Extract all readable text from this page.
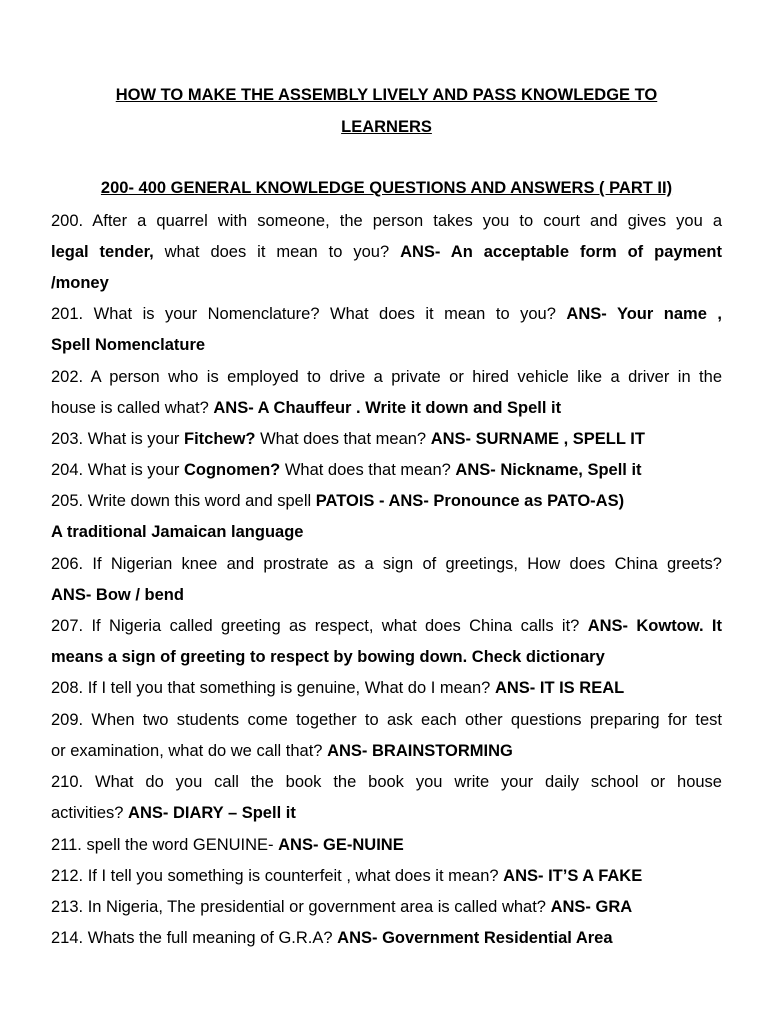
HOW TO MAKE THE ASSEMBLY LIVELY AND PASS KNOWLEDGE TO
LEARNERS
200- 400 GENERAL KNOWLEDGE QUESTIONS AND ANSWERS ( PART II)
200. After a quarrel with someone, the person takes you to court and gives you a
legal tender, what does it mean to you? ANS- An acceptable form of payment
/money
201. What is your Nomenclature? What does it mean to you? ANS- Your name ,
Spell Nomenclature
202. A person who is employed to drive a private or hired vehicle like a driver in the
house is called what? ANS- A Chauffeur . Write it down and Spell it
203. What is your Fitchew? What does that mean? ANS- SURNAME , SPELL IT
204. What is your Cognomen? What does that mean? ANS- Nickname, Spell it
205. Write down this word and spell PATOIS - ANS- Pronounce as PATO-AS)
A traditional Jamaican language
206. If Nigerian knee and prostrate as a sign of greetings, How does China greets?
ANS- Bow / bend
207. If Nigeria called greeting as respect, what does China calls it? ANS- Kowtow. It
means a sign of greeting to respect by bowing down. Check dictionary
208. If I tell you that something is genuine, What do I mean? ANS- IT IS REAL
209. When two students come together to ask each other questions preparing for test
or examination, what do we call that? ANS- BRAINSTORMING
210. What do you call the book the book you write your daily school or house
activities? ANS- DIARY – Spell it
211. spell the word GENUINE- ANS- GE-NUINE
212. If I tell you something is counterfeit , what does it mean? ANS- IT’S A FAKE
213. In Nigeria, The presidential or government area is called what? ANS- GRA
214. Whats the full meaning of G.R.A? ANS- Government Residential Area
